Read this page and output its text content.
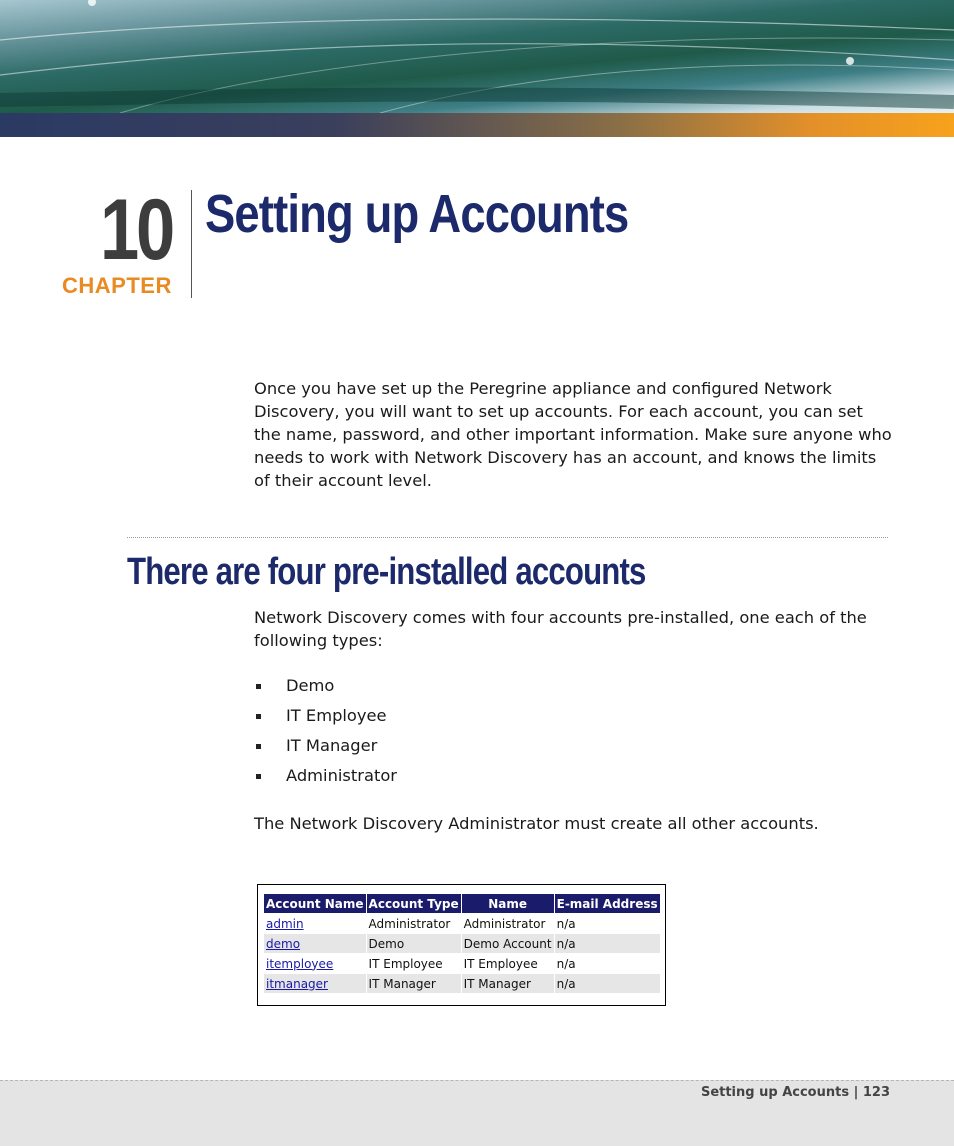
10
CHAPTER
Setting up Accounts

Once you have set up the Peregrine appliance and configured Network Discovery, you will want to set up accounts. For each account, you can set the name, password, and other important information. Make sure anyone who needs to work with Network Discovery has an account, and knows the limits of their account level.

There are four pre-installed accounts

Network Discovery comes with four accounts pre-installed, one each of the following types:

Demo
IT Employee
IT Manager
Administrator

The Network Discovery Administrator must create all other accounts.

Account Name	Account Type	Name	E-mail Address
admin	Administrator	Administrator	n/a
demo	Demo	Demo Account	n/a
itemployee	IT Employee	IT Employee	n/a
itmanager	IT Manager	IT Manager	n/a
Setting up Accounts | 123
